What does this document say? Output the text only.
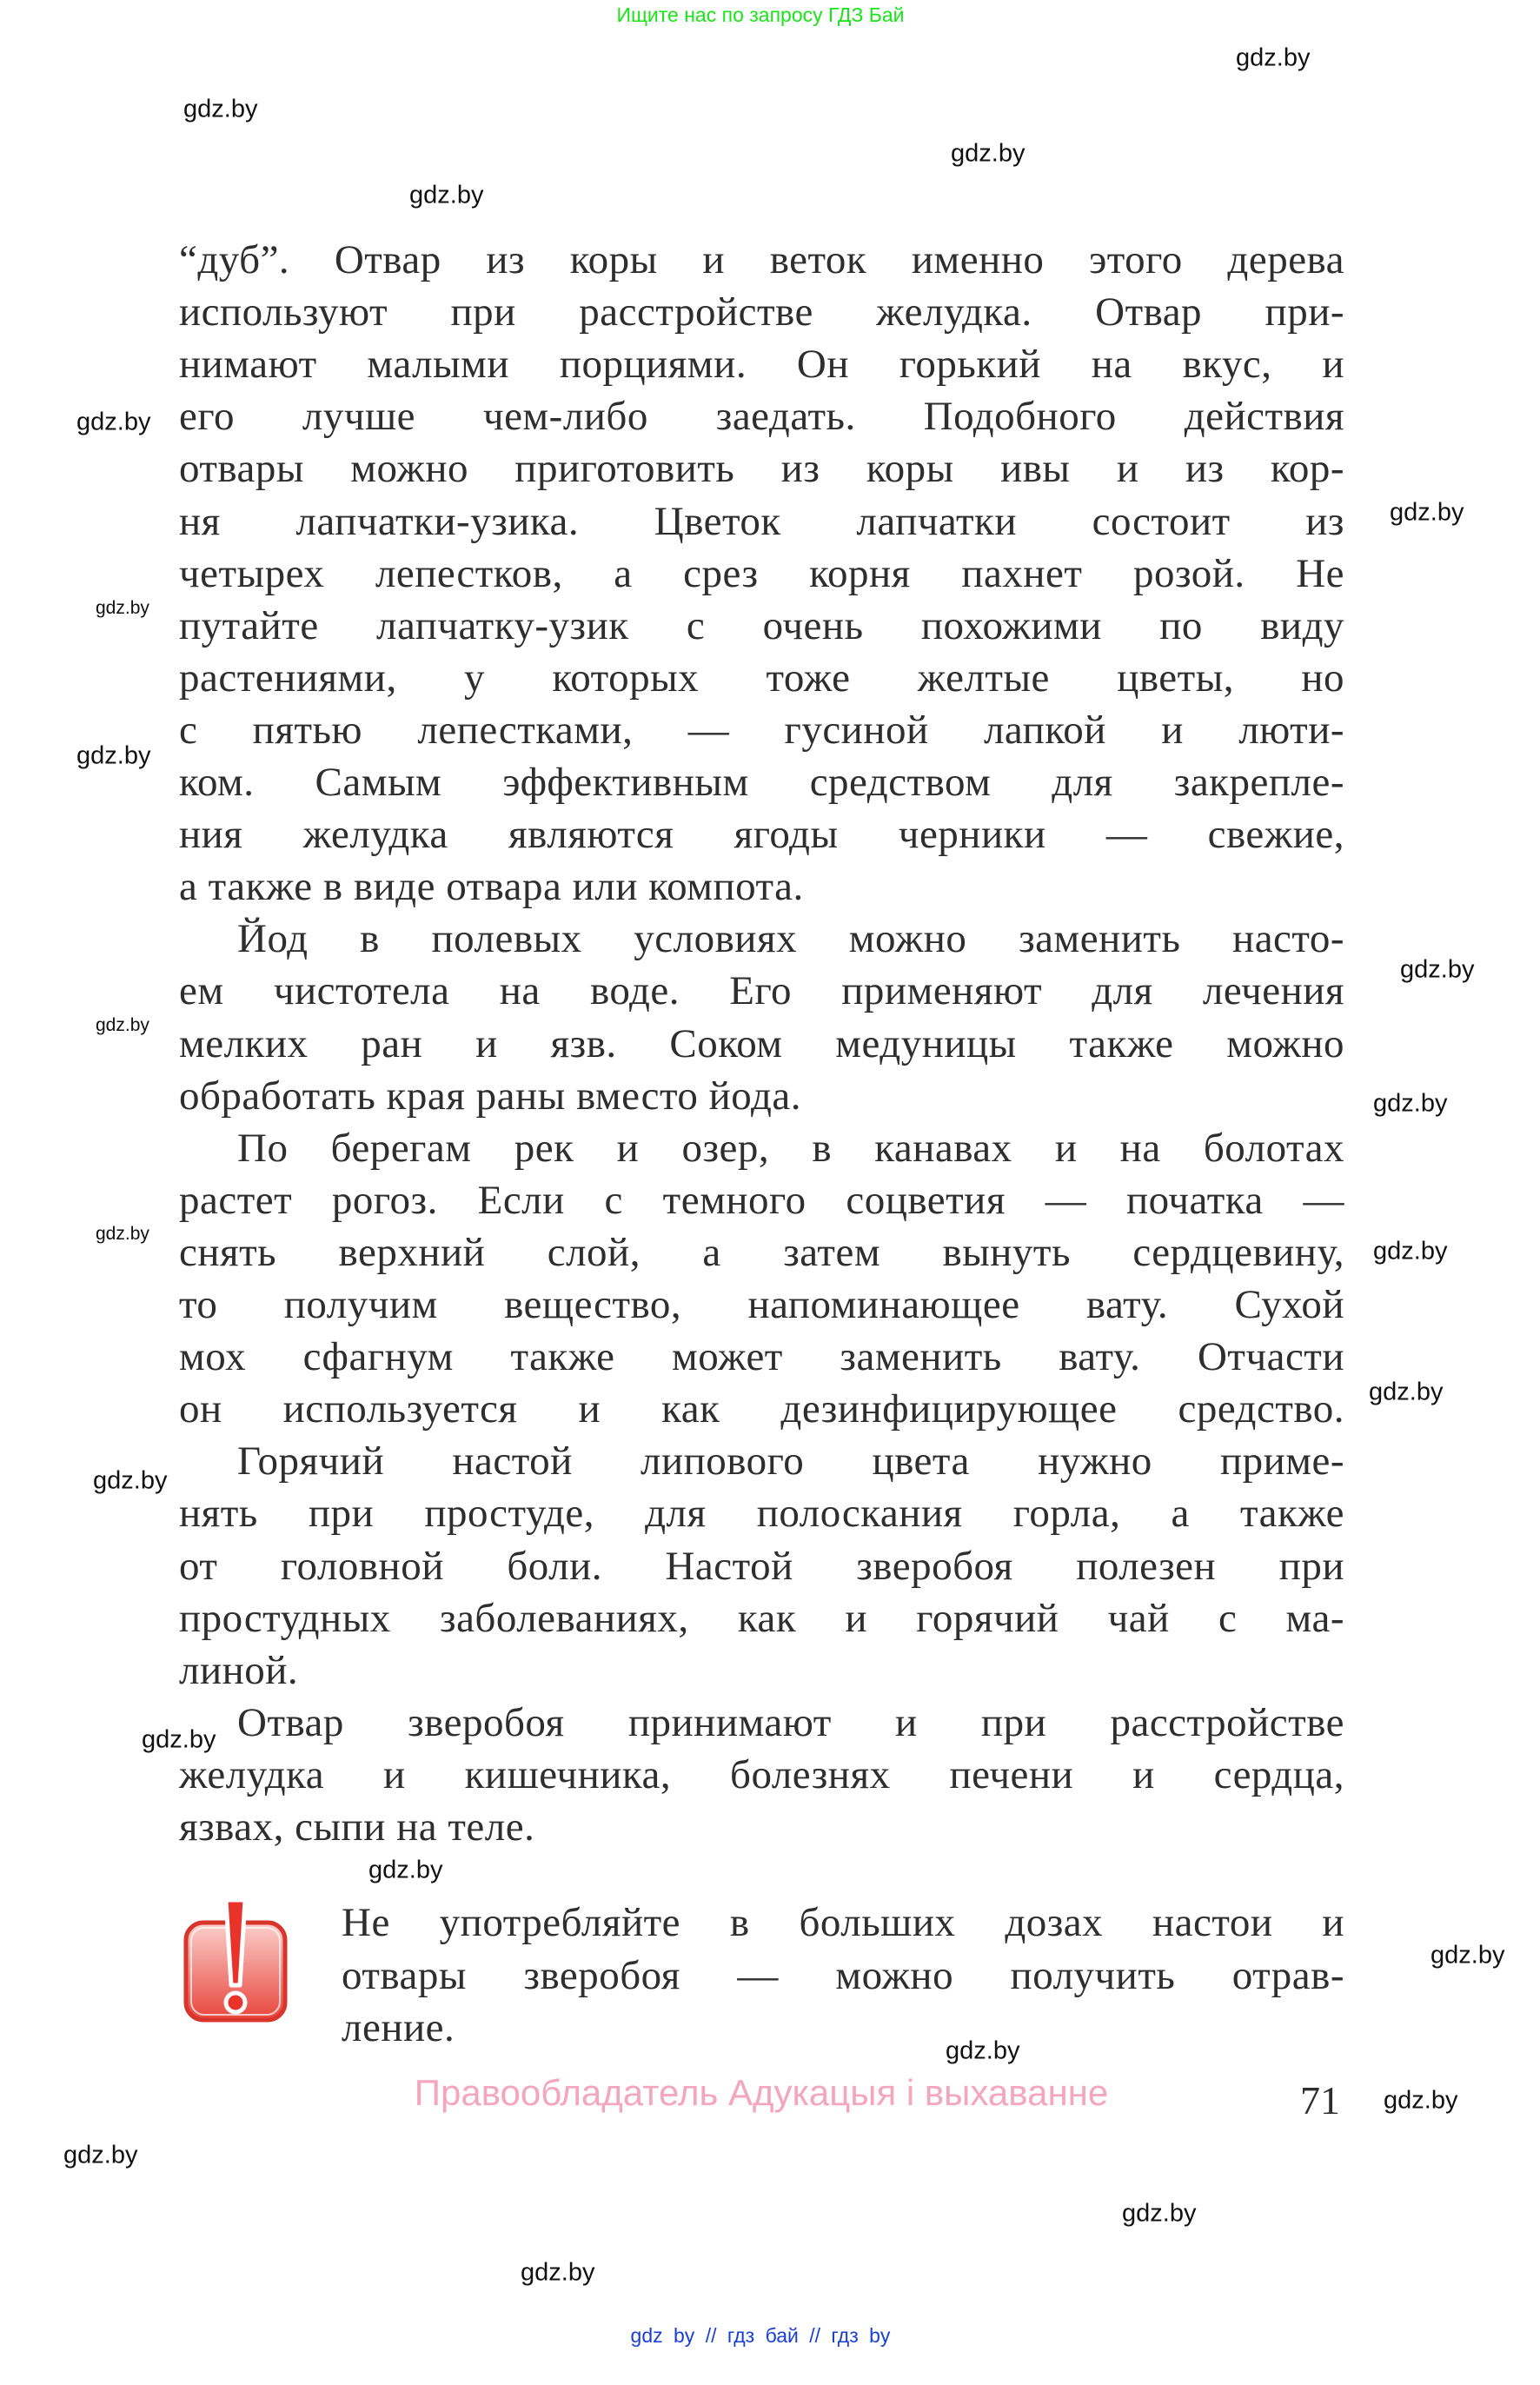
Ищите нас по запросу ГДЗ Бай
“дуб”. Отвар из коры и веток именно этого дерева
используют при расстройстве желудка. Отвар при-
нимают малыми порциями. Он горький на вкус, и
его лучше чем-либо заедать. Подобного действия
отвары можно приготовить из коры ивы и из кор-
ня лапчатки-узика. Цветок лапчатки состоит из
четырех лепестков, а срез корня пахнет розой. Не
путайте лапчатку-узик с очень похожими по виду
растениями, у которых тоже желтые цветы, но
с пятью лепестками, — гусиной лапкой и люти-
ком. Самым эффективным средством для закрепле-
ния желудка являются ягоды черники — свежие,
а также в виде отвара или компота.
Йод в полевых условиях можно заменить насто-
ем чистотела на воде. Его применяют для лечения
мелких ран и язв. Соком медуницы также можно
обработать края раны вместо йода.
По берегам рек и озер, в канавах и на болотах
растет рогоз. Если с темного соцветия — початка —
снять верхний слой, а затем вынуть сердцевину,
то получим вещество, напоминающее вату. Сухой
мох сфагнум также может заменить вату. Отчасти
он используется и как дезинфицирующее средство.
Горячий настой липового цвета нужно приме-
нять при простуде, для полоскания горла, а также
от головной боли. Настой зверобоя полезен при
простудных заболеваниях, как и горячий чай с ма-
линой.
Отвар зверобоя принимают и при расстройстве
желудка и кишечника, болезнях печени и сердца,
язвах, сыпи на теле.
Не употребляйте в больших дозах настои и
отвары зверобоя — можно получить отрав-
ление.
Правообладатель Адукацыя і выхаванне	71
gdz.by
gdz.by
gdz.by
gdz.by
gdz.by
gdz.by
gdz.by
gdz.by
gdz.by
gdz.by
gdz.by
gdz.by
gdz.by
gdz.by
gdz.by
gdz.by
gdz.by
gdz.by
gdz.by
gdz.by
gdz.by
gdz.by
gdz.by
gdz by // гдз бай // гдз by
